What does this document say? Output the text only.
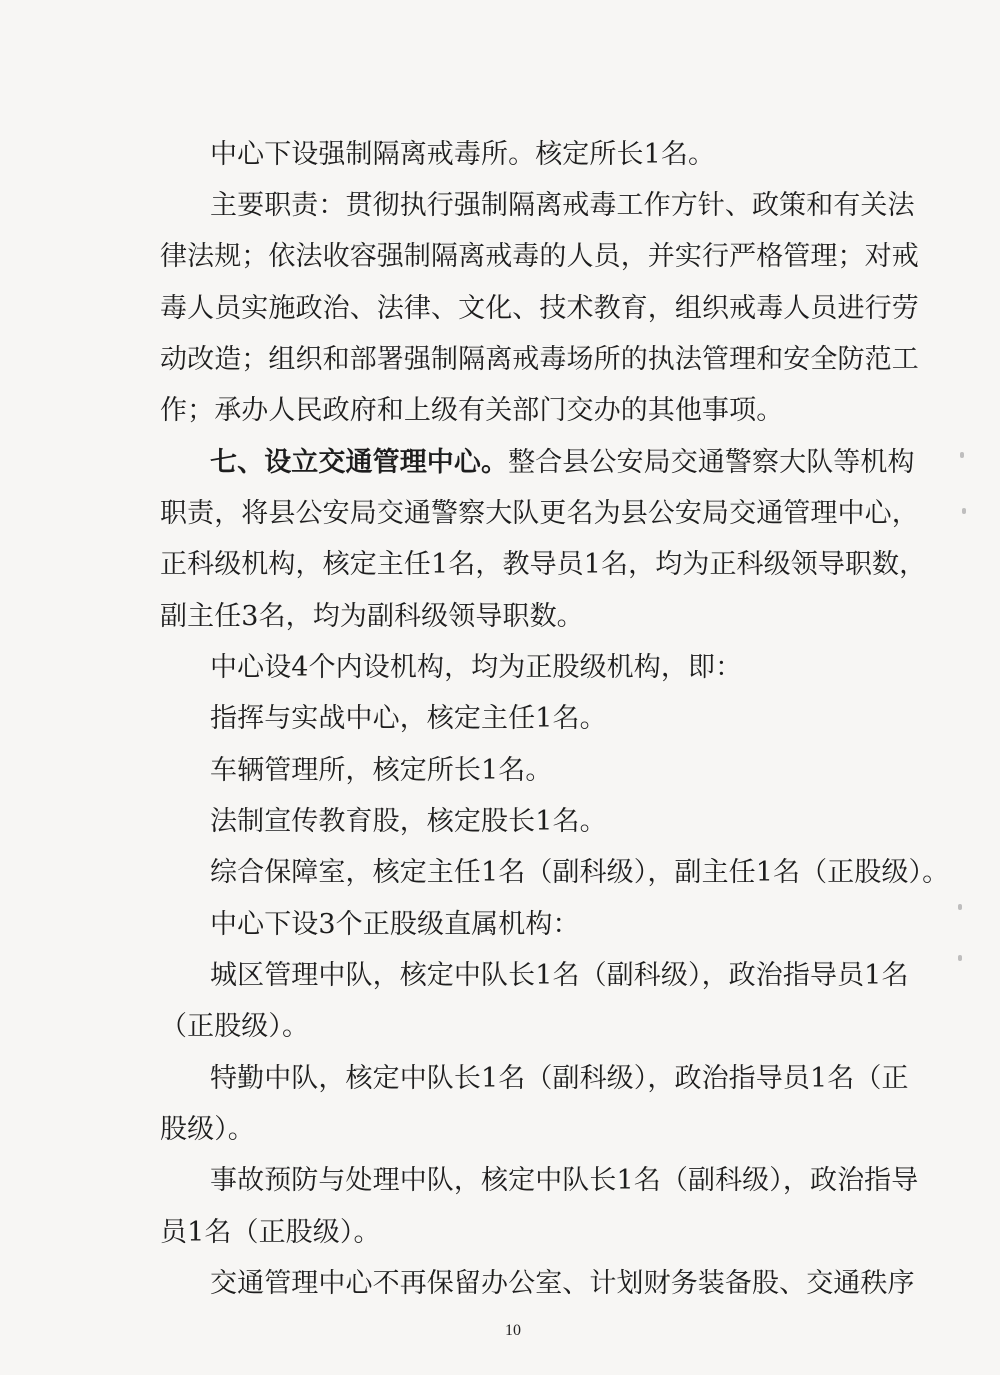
中心下设强制隔离戒毒所。核定所长1名。
主要职责：贯彻执行强制隔离戒毒工作方针、政策和有关法
律法规；依法收容强制隔离戒毒的人员，并实行严格管理；对戒
毒人员实施政治、法律、文化、技术教育，组织戒毒人员进行劳
动改造；组织和部署强制隔离戒毒场所的执法管理和安全防范工
作；承办人民政府和上级有关部门交办的其他事项。
七、设立交通管理中心。整合县公安局交通警察大队等机构
职责，将县公安局交通警察大队更名为县公安局交通管理中心，
正科级机构，核定主任1名，教导员1名，均为正科级领导职数，
副主任3名，均为副科级领导职数。
中心设4个内设机构，均为正股级机构，即：
指挥与实战中心，核定主任1名。
车辆管理所，核定所长1名。
法制宣传教育股，核定股长1名。
综合保障室，核定主任1名（副科级），副主任1名（正股级）。
中心下设3个正股级直属机构：
城区管理中队，核定中队长1名（副科级），政治指导员1名
（正股级）。
特勤中队，核定中队长1名（副科级），政治指导员1名（正
股级）。
事故预防与处理中队，核定中队长1名（副科级），政治指导
员1名（正股级）。
交通管理中心不再保留办公室、计划财务装备股、交通秩序
10
